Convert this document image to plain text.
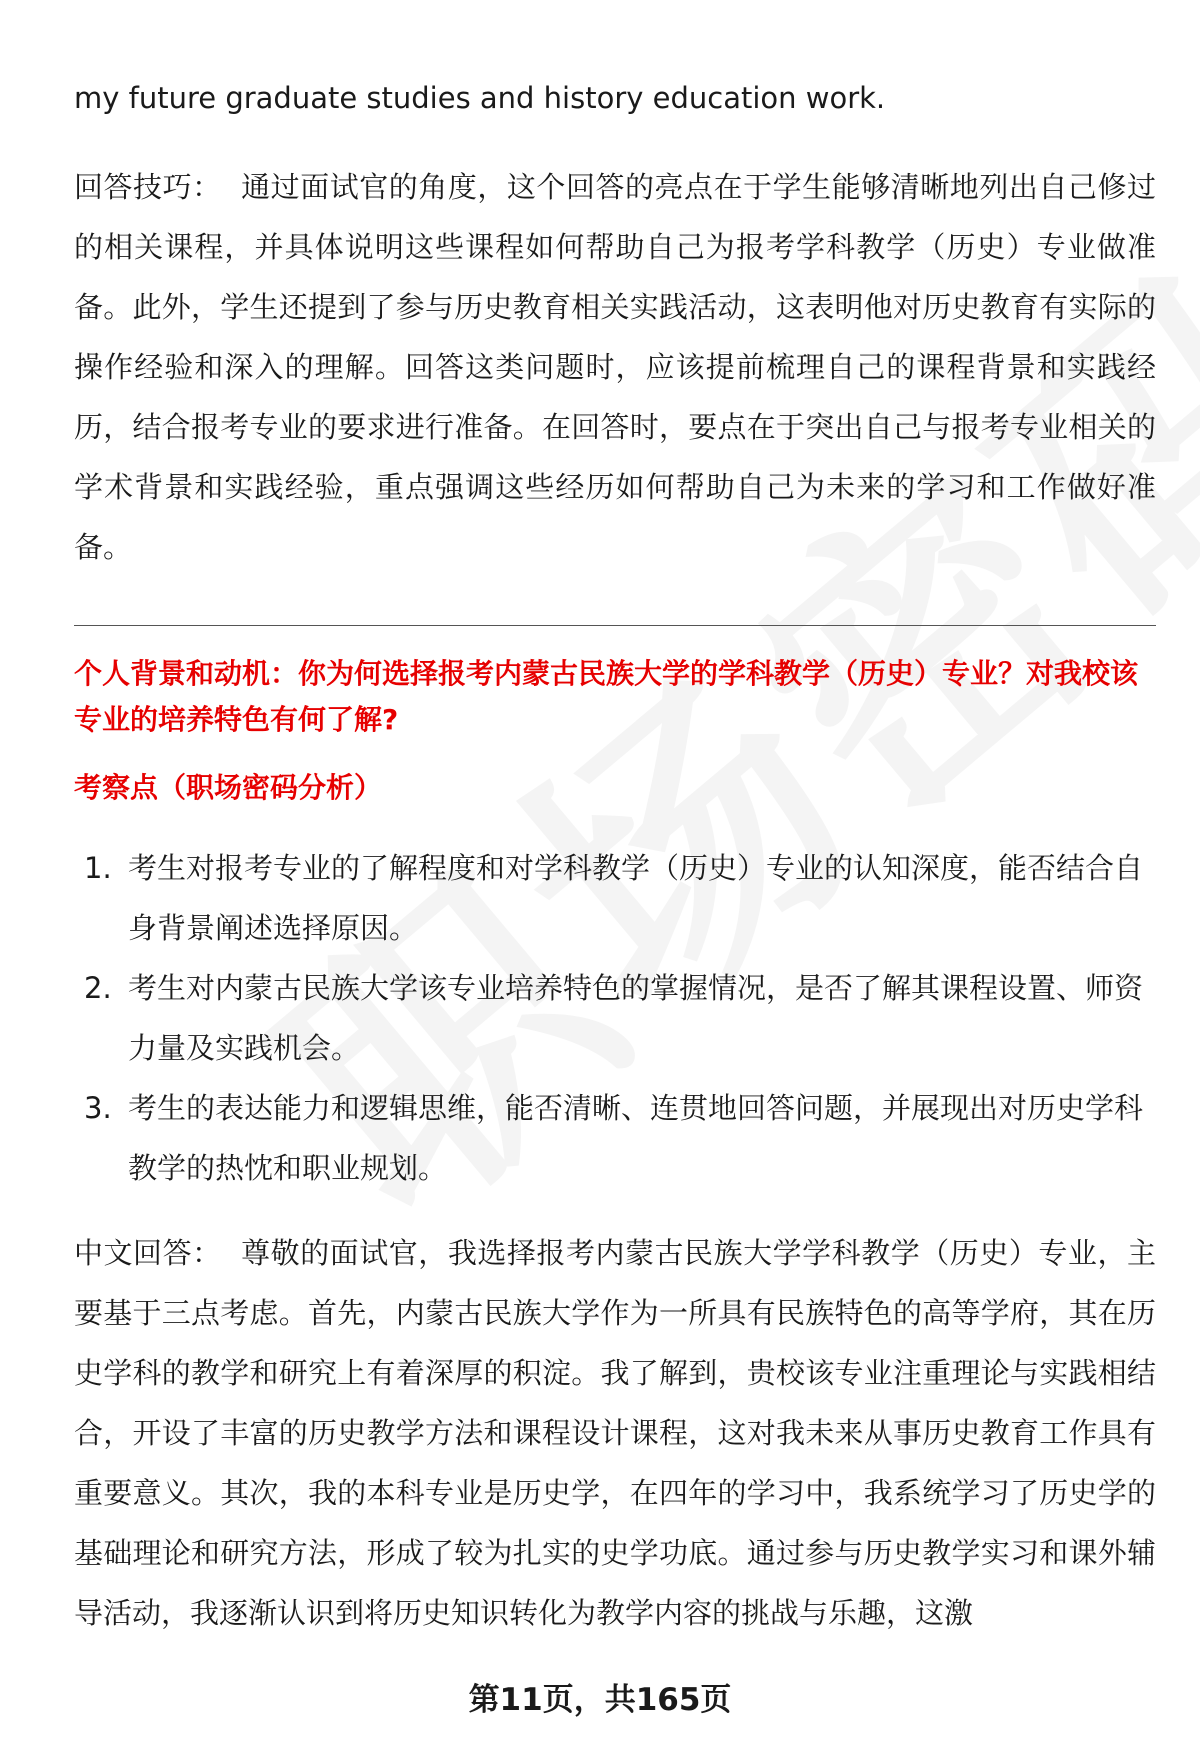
my future graduate studies and history education work.

回答技巧： 通过面试官的角度，这个回答的亮点在于学生能够清晰地列出自己修过的相关课程，并具体说明这些课程如何帮助自己为报考学科教学（历史）专业做准备。此外，学生还提到了参与历史教育相关实践活动，这表明他对历史教育有实际的操作经验和深入的理解。回答这类问题时，应该提前梳理自己的课程背景和实践经历，结合报考专业的要求进行准备。在回答时，要点在于突出自己与报考专业相关的学术背景和实践经验，重点强调这些经历如何帮助自己为未来的学习和工作做好准备。

个人背景和动机：你为何选择报考内蒙古民族大学的学科教学（历史）专业？对我校该专业的培养特色有何了解?

考察点（职场密码分析）

1. 考生对报考专业的了解程度和对学科教学（历史）专业的认知深度，能否结合自身背景阐述选择原因。
2. 考生对内蒙古民族大学该专业培养特色的掌握情况，是否了解其课程设置、师资力量及实践机会。
3. 考生的表达能力和逻辑思维，能否清晰、连贯地回答问题，并展现出对历史学科教学的热忱和职业规划。

中文回答： 尊敬的面试官，我选择报考内蒙古民族大学学科教学（历史）专业，主要基于三点考虑。首先，内蒙古民族大学作为一所具有民族特色的高等学府，其在历史学科的教学和研究上有着深厚的积淀。我了解到，贵校该专业注重理论与实践相结合，开设了丰富的历史教学方法和课程设计课程，这对我未来从事历史教育工作具有重要意义。其次，我的本科专业是历史学，在四年的学习中，我系统学习了历史学的基础理论和研究方法，形成了较为扎实的史学功底。通过参与历史教学实习和课外辅导活动，我逐渐认识到将历史知识转化为教学内容的挑战与乐趣，这激

第11页，共165页
